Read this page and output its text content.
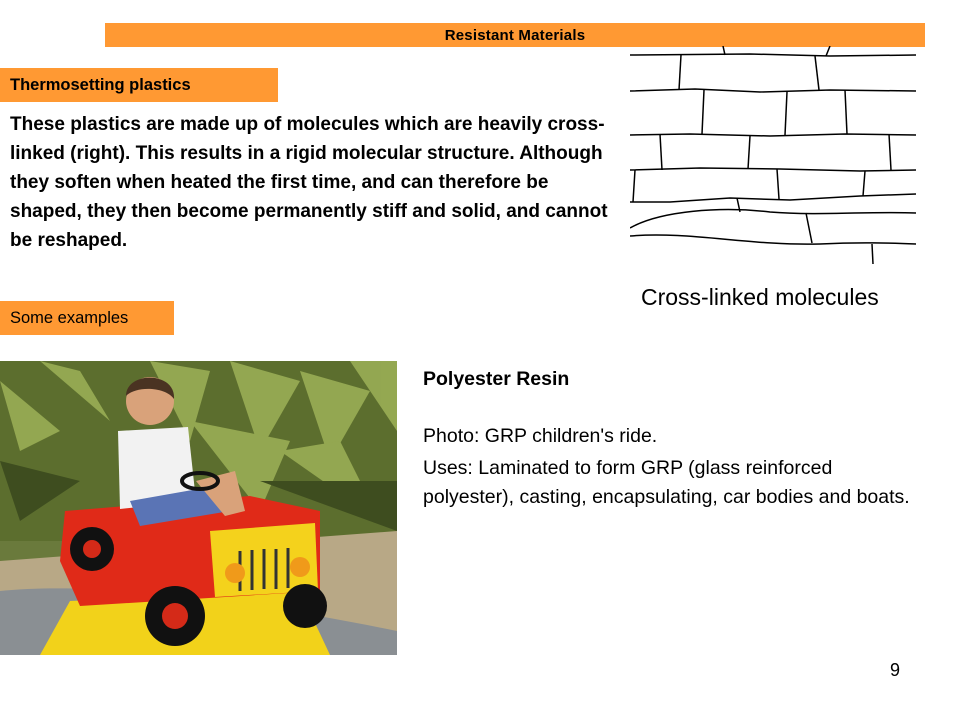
Resistant Materials
Thermosetting plastics
These plastics are made up of molecules which are heavily cross-linked (right). This results in a rigid molecular structure. Although they soften when heated the first time, and can therefore be shaped, they then become permanently stiff and solid, and cannot be reshaped.
Cross-linked molecules
Some examples
Polyester Resin
Photo: GRP children's ride.
Uses: Laminated to form GRP (glass reinforced polyester), casting, encapsulating, car bodies and boats.
9
